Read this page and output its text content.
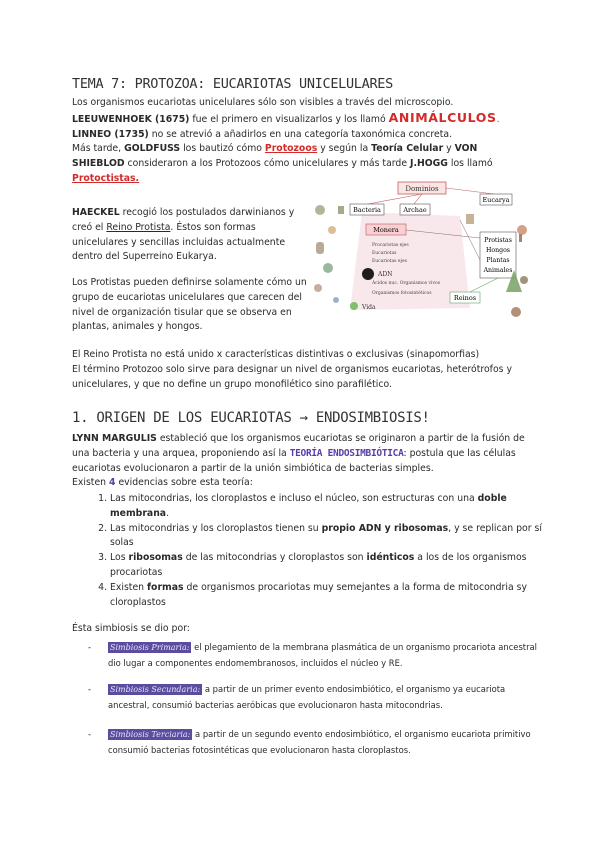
TEMA 7: PROTOZOA: EUCARIOTAS UNICELULARES

Los organismos eucariotas unicelulares sólo son visibles a través del microscopio.
LEEUWENHOEK (1675) fue el primero en visualizarlos y los llamó ANIMÁLCULOS.
LINNEO (1735) no se atrevió a añadirlos en una categoría taxonómica concreta.
Más tarde, GOLDFUSS los bautizó cómo Protozoos y según la Teoría Celular y VON SHIEBLOD consideraron a los Protozoos cómo unicelulares y más tarde J.HOGG los llamó
Protoctistas.

HAECKEL recogió los postulados darwinianos y creó el Reino Protista. Éstos son formas unicelulares y sencillas incluidas actualmente dentro del Superreino Eukarya.

Los Protistas pueden definirse solamente cómo un grupo de eucariotas unicelulares que carecen del nivel de organización tisular que se observa en plantas, animales y hongos.

Dominios
Bacteria	Archae
Eucarya
Monera
Procariotas ejes
Eucariotas
Eucariotas ejes
Ácidos nuc. Organismos vivos
Organismos fotosintéticos
ADN
Vida
Protistas
Hongos
Plantas
Animales
Reinos

El Reino Protista no está unido x características distintivas o exclusivas (sinapomorfias)

El término Protozoo solo sirve para designar un nivel de organismos eucariotas, heterótrofos y unicelulares, y que no define un grupo monofilético sino parafilético.

1. ORIGEN DE LOS EUCARIOTAS → ENDOSIMBIOSIS!

LYNN MARGULIS estableció que los organismos eucariotas se originaron a partir de la fusión de una bacteria y una arquea, proponiendo así la TEORÍA ENDOSIMBIÓTICA: postula que las células eucariotas evolucionaron a partir de la unión simbiótica de bacterias simples.
Existen 4 evidencias sobre esta teoría:

1. Las mitocondrias, los cloroplastos e incluso el núcleo, son estructuras con una doble membrana.
2. Las mitocondrias y los cloroplastos tienen su propio ADN y ribosomas, y se replican por sí solas
3. Los ribosomas de las mitocondrias y cloroplastos son idénticos a los de los organismos procariotas
4. Existen formas de organismos procariotas muy semejantes a la forma de mitocondria sy cloroplastos

Ésta simbiosis se dio por:

- Simbiosis Primaria: el plegamiento de la membrana plasmática de un organismo procariota ancestral dio lugar a componentes endomembranosos, incluidos el núcleo y RE.
- Simbiosis Secundaria: a partir de un primer evento endosimbiótico, el organismo ya eucariota ancestral, consumió bacterias aeróbicas que evolucionaron hasta mitocondrias.
- Simbiosis Terciaria: a partir de un segundo evento endosimbiótico, el organismo eucariota primitivo consumió bacterias fotosintéticas que evolucionaron hasta cloroplastos.
